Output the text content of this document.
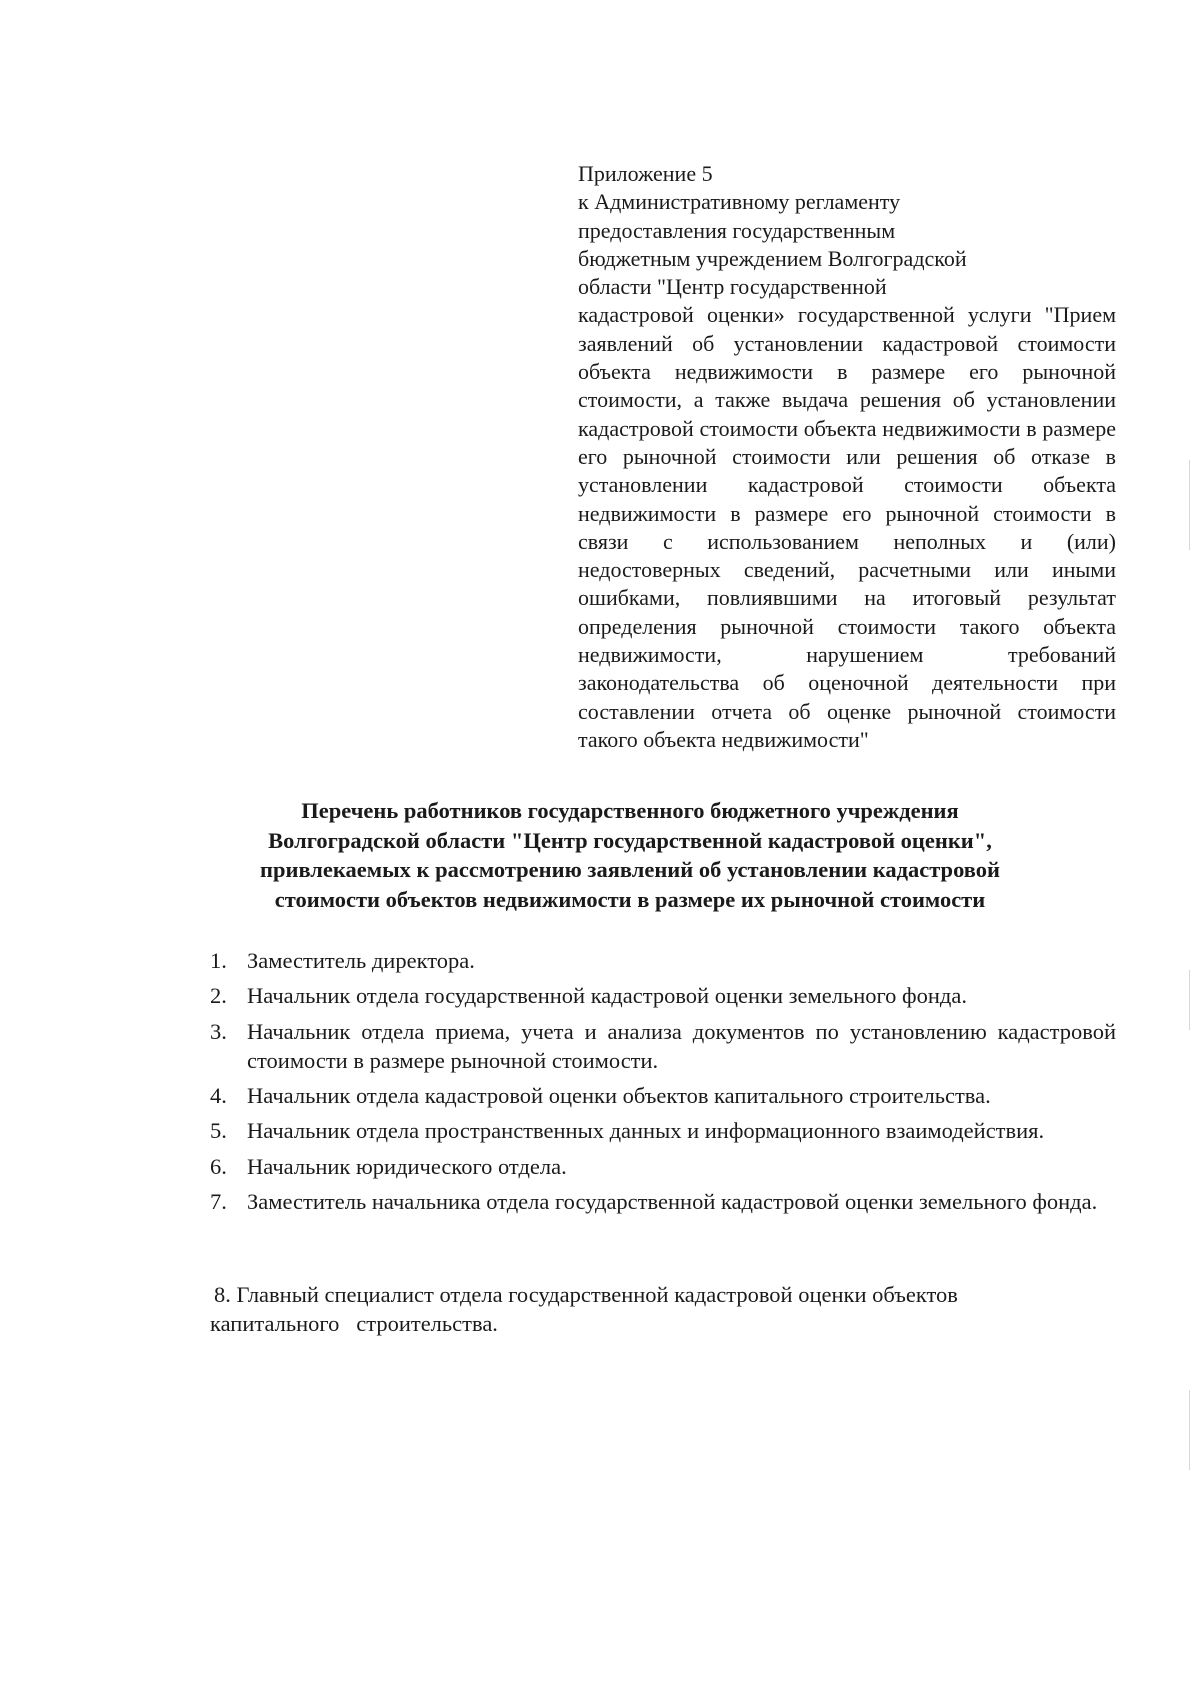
Приложение 5
к Административному регламенту
предоставления государственным
бюджетным учреждением Волгоградской
области "Центр государственной

кадастровой оценки» государственной услуги "Прием заявлений об установлении кадастровой стоимости объекта недвижимости в размере его рыночной стоимости, а также выдача решения об установлении кадастровой стоимости объекта недвижимости в размере его рыночной стоимости или решения об отказе в установлении кадастровой стоимости объекта недвижимости в размере его рыночной стоимости в связи с использованием неполных и (или) недостоверных сведений, расчетными или иными ошибками, повлиявшими на итоговый результат определения рыночной стоимости такого объекта недвижимости, нарушением требований законодательства об оценочной деятельности при составлении отчета об оценке рыночной стоимости такого объекта недвижимости"

Перечень работников государственного бюджетного учреждения
Волгоградской области "Центр государственной кадастровой оценки",
привлекаемых к рассмотрению заявлений об установлении кадастровой
стоимости объектов недвижимости в размере их рыночной стоимости
1. Заместитель директора.
2. Начальник отдела государственной кадастровой оценки земельного фонда.
3. Начальник отдела приема, учета и анализа документов по установлению кадастровой стоимости в размере рыночной стоимости.
4. Начальник отдела кадастровой оценки объектов капитального строительства.
5. Начальник отдела пространственных данных и информационного взаимодействия.
6. Начальник юридического отдела.
7. Заместитель начальника отдела государственной кадастровой оценки земельного фонда.
8. Главный специалист отдела государственной кадастровой оценки объектов
капитального   строительства.
